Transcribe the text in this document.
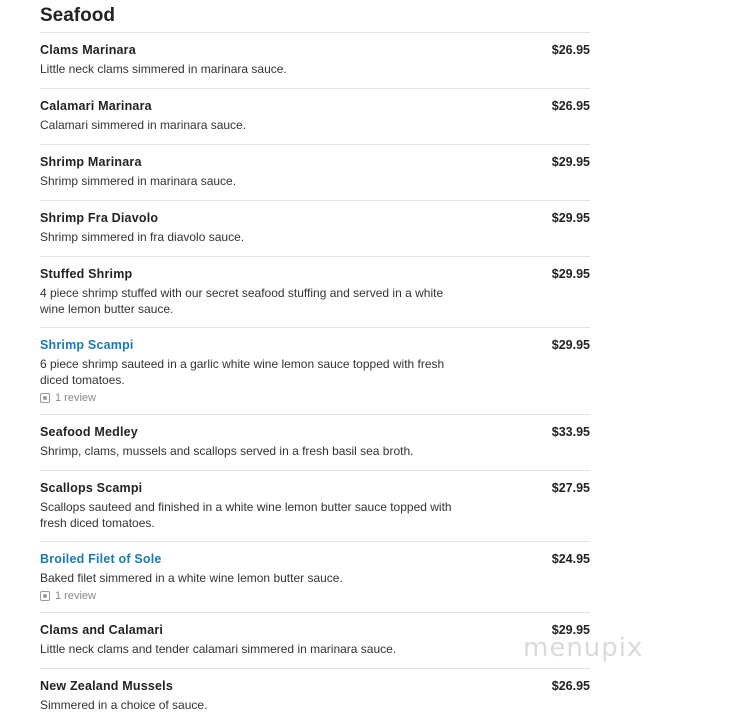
Seafood
Clams Marinara	$26.95
Little neck clams simmered in marinara sauce.
Calamari Marinara	$26.95
Calamari simmered in marinara sauce.
Shrimp Marinara	$29.95
Shrimp simmered in marinara sauce.
Shrimp Fra Diavolo	$29.95
Shrimp simmered in fra diavolo sauce.
Stuffed Shrimp	$29.95
4 piece shrimp stuffed with our secret seafood stuffing and served in a white wine lemon butter sauce.
Shrimp Scampi	$29.95
6 piece shrimp sauteed in a garlic white wine lemon sauce topped with fresh diced tomatoes.
1 review
Seafood Medley	$33.95
Shrimp, clams, mussels and scallops served in a fresh basil sea broth.
Scallops Scampi	$27.95
Scallops sauteed and finished in a white wine lemon butter sauce topped with fresh diced tomatoes.
Broiled Filet of Sole	$24.95
Baked filet simmered in a white wine lemon butter sauce.
1 review
Clams and Calamari	$29.95
Little neck clams and tender calamari simmered in marinara sauce.
New Zealand Mussels	$26.95
Simmered in a choice of sauce.
menupix
